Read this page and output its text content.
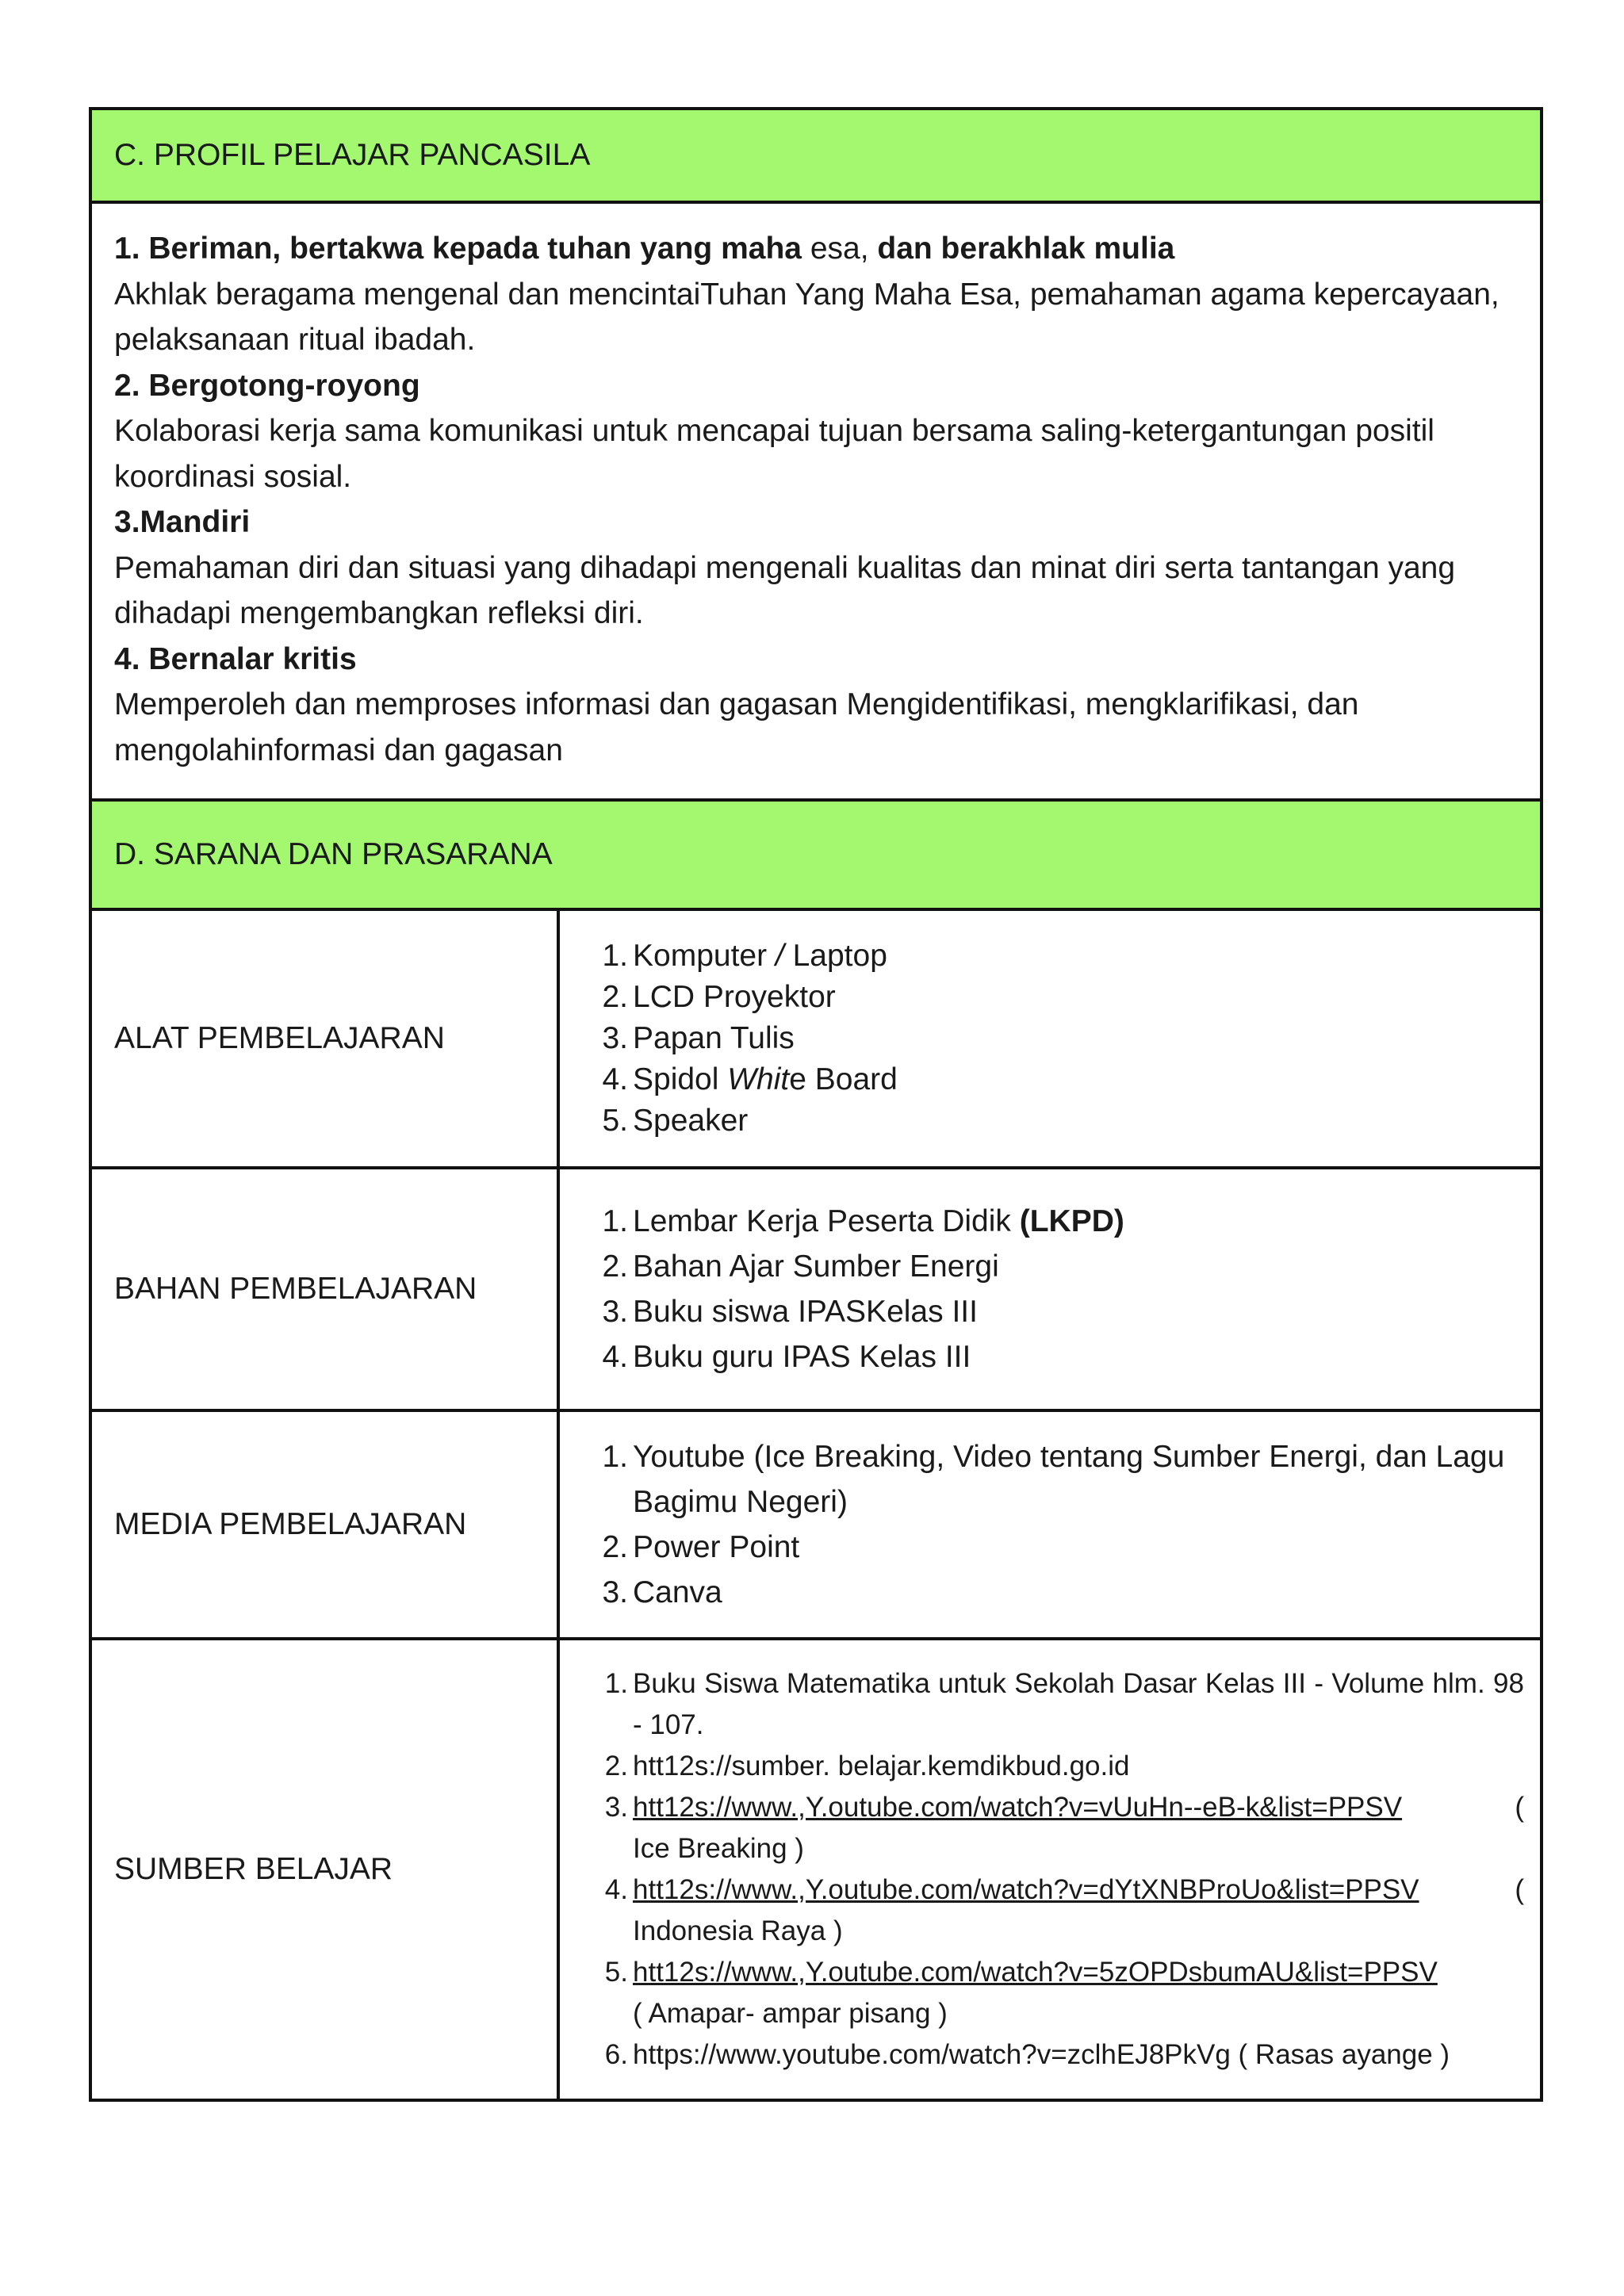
C. PROFIL PELAJAR PANCASILA
1. Beriman, bertakwa kepada tuhan yang maha esa, dan berakhlak mulia
Akhlak beragama mengenal dan mencintaiTuhan Yang Maha Esa, pemahaman agama kepercayaan, pelaksanaan ritual ibadah.
2. Bergotong-royong
Kolaborasi kerja sama komunikasi untuk mencapai tujuan bersama saling-ketergantungan positil koordinasi sosial.
3.Mandiri
Pemahaman diri dan situasi yang dihadapi mengenali kualitas dan minat diri serta tantangan yang dihadapi mengembangkan refleksi diri.
4. Bernalar kritis
Memperoleh dan memproses informasi dan gagasan Mengidentifikasi, mengklarifikasi, dan mengolahinformasi dan gagasan
D. SARANA DAN PRASARANA
ALAT PEMBELAJARAN
1. Komputer / Laptop
2. LCD Proyektor
3. Papan Tulis
4. Spidol White Board
5. Speaker
BAHAN PEMBELAJARAN
1. Lembar Kerja Peserta Didik (LKPD)
2. Bahan Ajar Sumber Energi
3. Buku siswa IPASKelas III
4. Buku guru IPAS Kelas III
MEDIA PEMBELAJARAN
1. Youtube (Ice Breaking, Video tentang Sumber Energi, dan Lagu Bagimu Negeri)
2. Power Point
3. Canva
SUMBER BELAJAR
1. Buku Siswa Matematika untuk Sekolah Dasar Kelas III - Volume hlm. 98 - 107.
2. htt12s://sumber. belajar.kemdikbud.go.id
3. htt12s://www.,Y.outube.com/watch?v=vUuHn--eB-k&list=PPSV	(
Ice Breaking )
4. htt12s://www.,Y.outube.com/watch?v=dYtXNBProUo&list=PPSV	(
Indonesia Raya )
5. htt12s://www.,Y.outube.com/watch?v=5zOPDsbumAU&list=PPSV
( Amapar- ampar pisang )
6. https://www.youtube.com/watch?v=zclhEJ8PkVg ( Rasas ayange )
